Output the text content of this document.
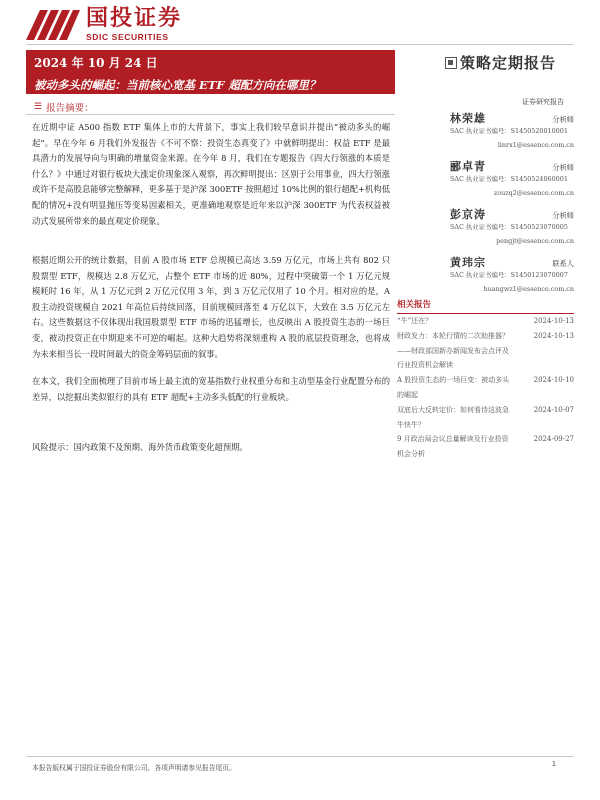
国投证券
SDIC SECURITIES
2024 年 10 月 24 日
被动多头的崛起：当前核心宽基 ETF 超配方向在哪里？
策略定期报告
证券研究报告
☰ 报告摘要：

在近期中证 A500 指数 ETF 集体上市的大背景下，事实上我们较早意识并提出“被动多头的崛起”。早在今年 6 月我们外发报告《不可不察：投资生态真变了》中就鲜明提出：权益 ETF 是最具潜力的发展导向与明确的增量资金来源。在今年 8 月，我们在专题报告《四大行领涨的本质是什么？》中通过对银行板块大涨定价现象深入观察，再次鲜明提出：区别于公用事业，四大行领涨或许不是高股息能够完整解释，更多基于是沪深 300ETF 按照超过 10%比例的银行超配+机构低配的情况+没有明显抛压等变易因素相关，更准确地观察是近年来以沪深 300ETF 为代表权益被动式发展所带来的最直观定价现象。

根据近期公开的统计数据，目前 A 股市场 ETF 总规模已高达 3.59 万亿元，市场上共有 802 只股票型 ETF，规模达 2.8 万亿元，占整个 ETF 市场的近 80%，过程中突破第一个 1 万亿元规模耗时 16 年，从 1 万亿元到 2 万亿元仅用 3 年，到 3 万亿元仅用了 10 个月。相对应的是，A 股主动投资规模自 2021 年高位后持续回落，目前规模回落至 4 万亿以下，大致在 3.5 万亿元左右。这些数据这不仅体现出我国股票型 ETF 市场的迅猛增长，也反映出 A 股投资生态的一场巨变，被动投资正在中期迎来不可逆的崛起。这种大趋势将深刻重构 A 股的底层投资理念，也将成为未来相当长一段时间最大的资金筹码层面的叙事。

在本文，我们全面梳理了目前市场上最主流的宽基指数行业权重分布和主动型基金行业配置分布的差异，以挖掘出类似银行的具有 ETF 超配+主动多头低配的行业板块。

风险提示：国内政策不及预期、海外货币政策变化超预期。

林荣雄	分析师
SAC 执业证书编号：S1450520010001
linrx1@essence.com.cn
郦卓青	分析师
SAC 执业证书编号：S1450524060001
zouzq2@essence.com.cn
彭京涛	分析师
SAC 执业证书编号：S1450523070005
pengjt@essence.com.cn
黄玮宗	联系人
SAC 执业证书编号：S1450123070007
huangwz1@essence.com.cn
相关报告
“牛”还在？	2024-10-13
财政发力：本轮行情的二次助推器？——财政部国新办新闻发布会点评及行业投资机会解读
2024-10-13
A 股投资生态的一场巨变：被动多头的崛起
2024-10-10
双底后大反转定价：如何看待这波急牛快牛？
2024-10-07
9 月政治局会议总量解读及行业投资机会分析
2024-09-27
本报告版权属于国投证券股份有限公司。各项声明请参见报告尾页。	1
